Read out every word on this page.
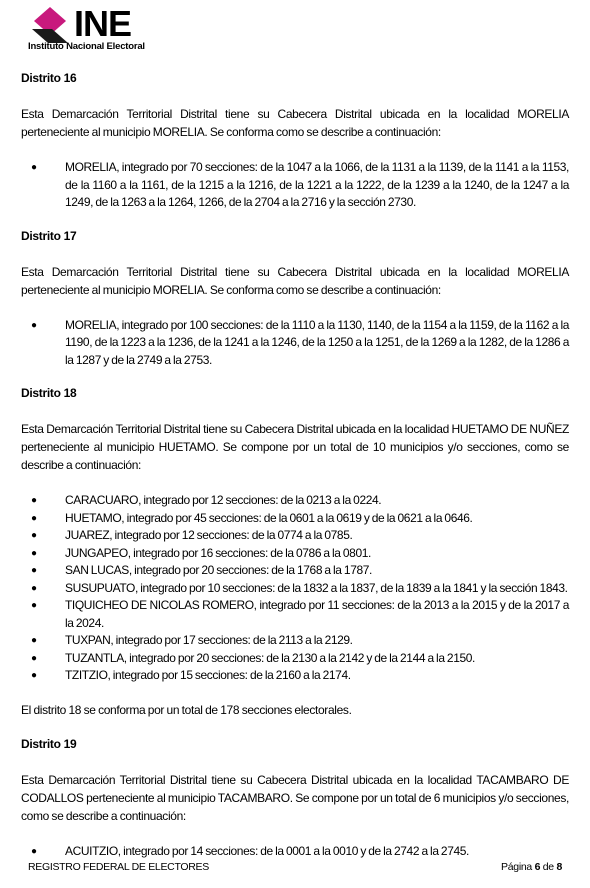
INE
Instituto Nacional Electoral

Distrito 16

Esta Demarcación Territorial Distrital tiene su Cabecera Distrital ubicada en la localidad MORELIA perteneciente al municipio MORELIA. Se conforma como se describe a continuación:

● MORELIA, integrado por 70 secciones: de la 1047 a la 1066, de la 1131 a la 1139, de la 1141 a la 1153, de la 1160 a la 1161, de la 1215 a la 1216, de la 1221 a la 1222, de la 1239 a la 1240, de la 1247 a la 1249, de la 1263 a la 1264, 1266, de la 2704 a la 2716 y la sección 2730.

Distrito 17

Esta Demarcación Territorial Distrital tiene su Cabecera Distrital ubicada en la localidad MORELIA perteneciente al municipio MORELIA. Se conforma como se describe a continuación:

● MORELIA, integrado por 100 secciones: de la 1110 a la 1130, 1140, de la 1154 a la 1159, de la 1162 a la 1190, de la 1223 a la 1236, de la 1241 a la 1246, de la 1250 a la 1251, de la 1269 a la 1282, de la 1286 a la 1287 y de la 2749 a la 2753.

Distrito 18

Esta Demarcación Territorial Distrital tiene su Cabecera Distrital ubicada en la localidad HUETAMO DE NUÑEZ perteneciente al municipio HUETAMO. Se compone por un total de 10 municipios y/o secciones, como se describe a continuación:

● CARACUARO, integrado por 12 secciones: de la 0213 a la 0224.
● HUETAMO, integrado por 45 secciones: de la 0601 a la 0619 y de la 0621 a la 0646.
● JUAREZ, integrado por 12 secciones: de la 0774 a la 0785.
● JUNGAPEO, integrado por 16 secciones: de la 0786 a la 0801.
● SAN LUCAS, integrado por 20 secciones: de la 1768 a la 1787.
● SUSUPUATO, integrado por 10 secciones: de la 1832 a la 1837, de la 1839 a la 1841 y la sección 1843.
● TIQUICHEO DE NICOLAS ROMERO, integrado por 11 secciones: de la 2013 a la 2015 y de la 2017 a la 2024.
● TUXPAN, integrado por 17 secciones: de la 2113 a la 2129.
● TUZANTLA, integrado por 20 secciones: de la 2130 a la 2142 y de la 2144 a la 2150.
● TZITZIO, integrado por 15 secciones: de la 2160 a la 2174.

El distrito 18 se conforma por un total de 178 secciones electorales.

Distrito 19

Esta Demarcación Territorial Distrital tiene su Cabecera Distrital ubicada en la localidad TACAMBARO DE CODALLOS perteneciente al municipio TACAMBARO. Se compone por un total de 6 municipios y/o secciones, como se describe a continuación:

● ACUITZIO, integrado por 14 secciones: de la 0001 a la 0010 y de la 2742 a la 2745.
REGISTRO FEDERAL DE ELECTORES	Página 6 de 8
